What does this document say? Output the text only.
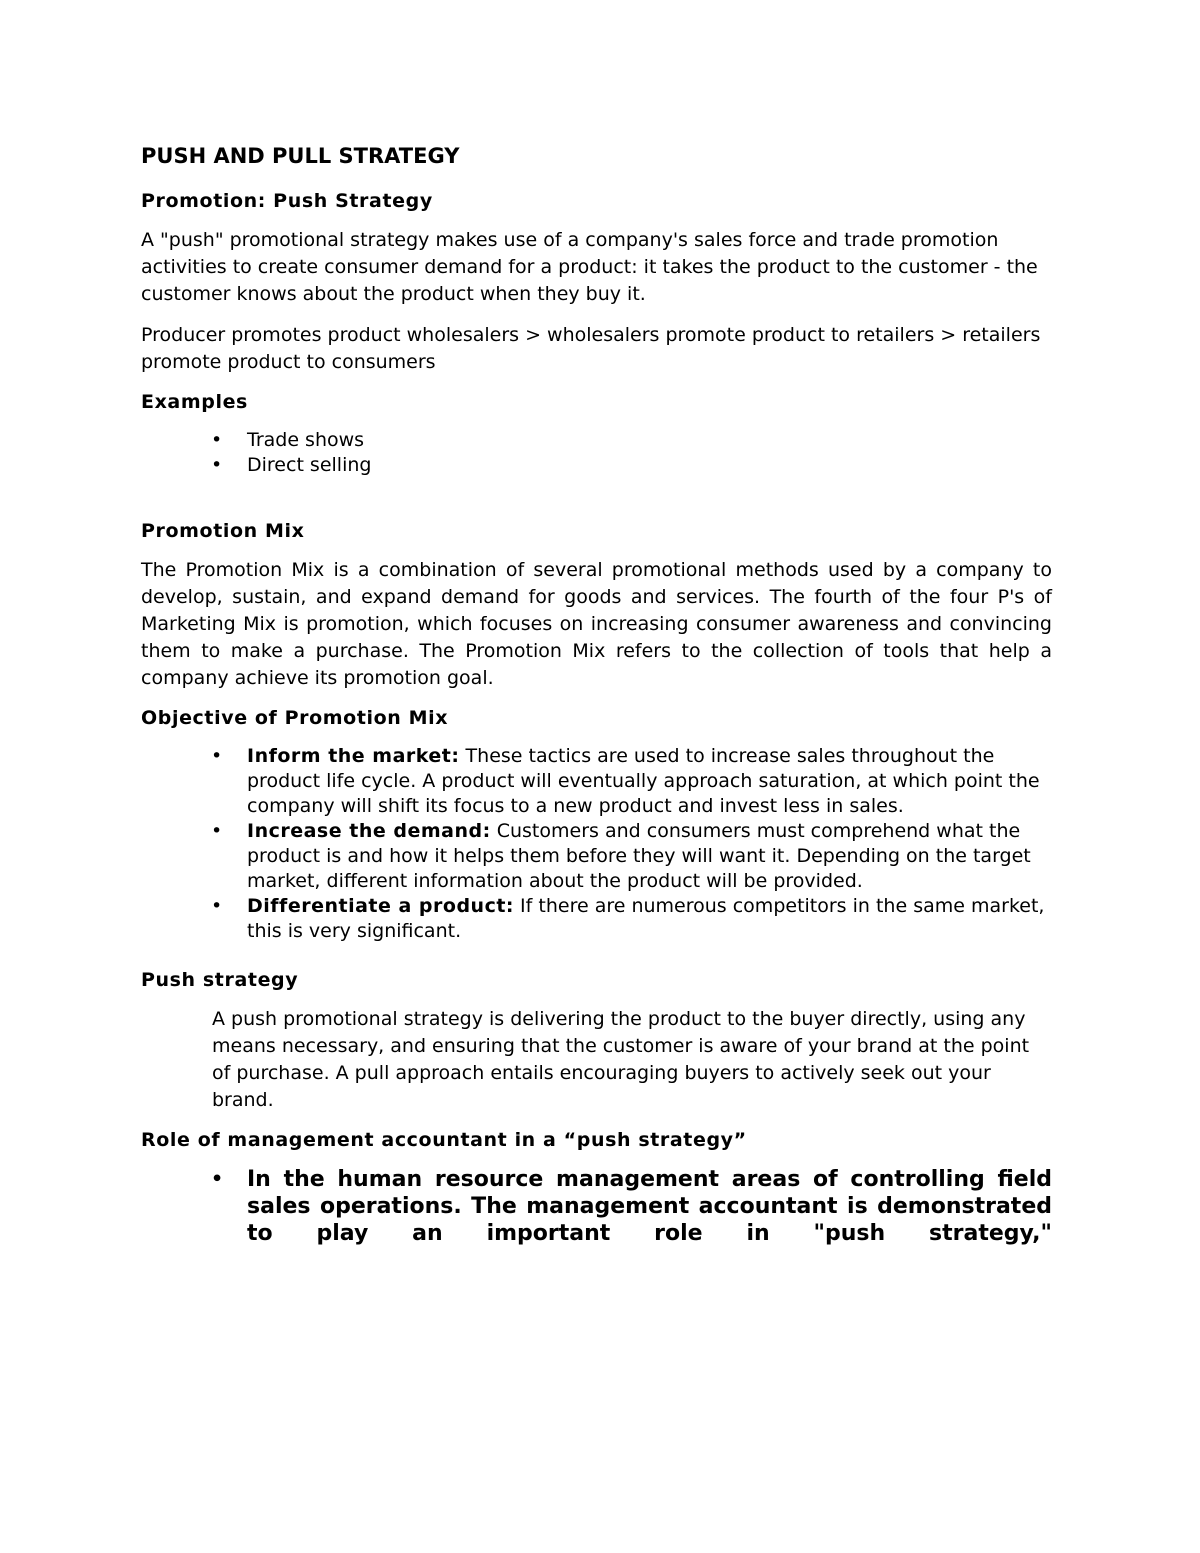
PUSH AND PULL STRATEGY
Promotion: Push Strategy
A "push" promotional strategy makes use of a company's sales force and trade promotion activities to create consumer demand for a product: it takes the product to the customer - the customer knows about the product when they buy it.
Producer promotes product wholesalers > wholesalers promote product to retailers > retailers promote product to consumers
Examples
• Trade shows
• Direct selling
Promotion Mix
The Promotion Mix is a combination of several promotional methods used by a company to develop, sustain, and expand demand for goods and services. The fourth of the four P's of Marketing Mix is promotion, which focuses on increasing consumer awareness and convincing them to make a purchase. The Promotion Mix refers to the collection of tools that help a company achieve its promotion goal.
Objective of Promotion Mix
• Inform the market: These tactics are used to increase sales throughout the product life cycle. A product will eventually approach saturation, at which point the company will shift its focus to a new product and invest less in sales.
• Increase the demand: Customers and consumers must comprehend what the product is and how it helps them before they will want it. Depending on the target market, different information about the product will be provided.
• Differentiate a product: If there are numerous competitors in the same market, this is very significant.
Push strategy
A push promotional strategy is delivering the product to the buyer directly, using any means necessary, and ensuring that the customer is aware of your brand at the point of purchase. A pull approach entails encouraging buyers to actively seek out your brand.
Role of management accountant in a “push strategy”
• In the human resource management areas of controlling field sales operations. The management accountant is demonstrated to play an important role in "push strategy,"
